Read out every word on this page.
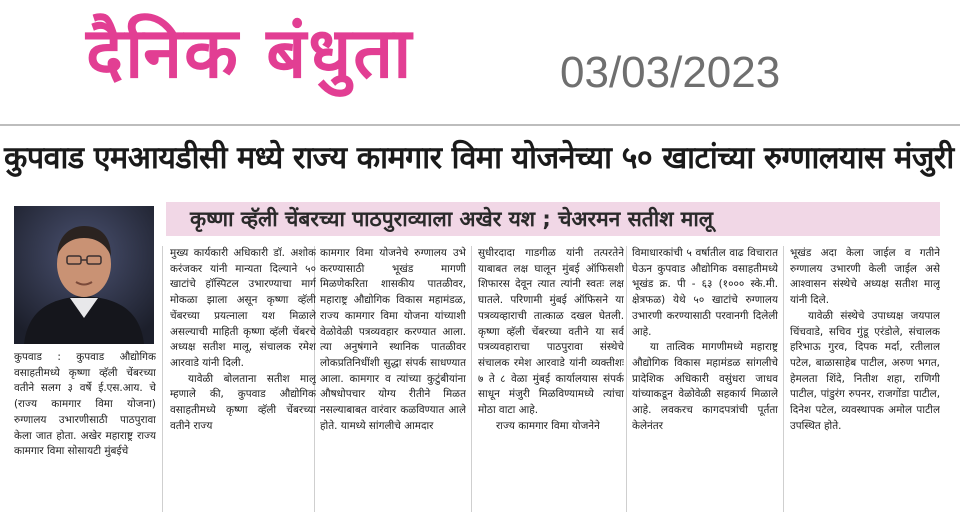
दैनिक बंधुता	03/03/2023
कुपवाड एमआयडीसी मध्ये राज्य कामगार विमा योजनेच्या ५० खाटांच्या रुग्णालयास मंजुरी
कृष्णा व्हॅली चेंबरच्या पाठपुराव्याला अखेर यश ; चेअरमन सतीश मालू

कुपवाड : कुपवाड औद्योगिक वसाहतीमध्ये कृष्णा व्हॅली चेंबरच्या वतीने सलग ३ वर्षे ई.एस.आय. चे (राज्य कामगार विमा योजना) रुग्णालय उभारणीसाठी पाठपुरावा केला जात होता. अखेर महाराष्ट्र राज्य कामगार विमा सोसायटी मुंबईचे

मुख्य कार्यकारी अधिकारी डॉ. अशोक करंजकर यांनी मान्यता दिल्याने ५० खाटांचे हॉस्पिटल उभारण्याचा मार्ग मोकळा झाला असून कृष्णा व्हॅली चेंबरच्या प्रयत्नाला यश मिळाले असल्याची माहिती कृष्णा व्हॅली चेंबरचे अध्यक्ष सतीश मालू, संचालक रमेश आरवाडे यांनी दिली.

यावेळी बोलताना सतीश मालू म्हणाले की, कुपवाड औद्योगिक वसाहतीमध्ये कृष्णा व्हॅली चेंबरच्या वतीने राज्य

कामगार विमा योजनेचे रुग्णालय उभे करण्यासाठी भूखंड मागणी मिळणेकरिता शासकीय पातळीवर, महाराष्ट्र औद्योगिक विकास महामंडळ, राज्य कामगार विमा योजना यांच्याशी वेळोवेळी पत्रव्यवहार करण्यात आला. त्या अनुषंगाने स्थानिक पातळीवर लोकप्रतिनिधींशी सुद्धा संपर्क साधण्यात आला. कामगार व त्यांच्या कुटुंबीयांना औषधोपचार योग्य रीतीने मिळत नसल्याबाबत वारंवार कळविण्यात आले होते. यामध्ये सांगलीचे आमदार

सुधीरदादा गाडगीळ यांनी तत्परतेने याबाबत लक्ष घालून मुंबई ऑफिसशी शिफारस देवून त्यात त्यांनी स्वतः लक्ष घातले. परिणामी मुंबई ऑफिसने या पत्रव्यव्हाराची तात्काळ दखल घेतली. कृष्णा व्हॅली चेंबरच्या वतीने या सर्व पत्रव्यवहाराचा पाठपुरावा संस्थेचे संचालक रमेश आरवाडे यांनी व्यक्तीशः ७ ते ८ वेळा मुंबई कार्यालयास संपर्क साधून मंजुरी मिळविण्यामध्ये त्यांचा मोठा वाटा आहे.

राज्य कामगार विमा योजनेने

विमाधारकांची ५ वर्षातील वाढ विचारात घेऊन कुपवाड औद्योगिक वसाहतीमध्ये भूखंड क्र. पी - ६३ (१००० स्के.मी. क्षेत्रफळ) येथे ५० खाटांचे रुग्णालय उभारणी करण्यासाठी परवानगी दिलेली आहे.

या तात्विक मागणीमध्ये महाराष्ट्र औद्योगिक विकास महामंडळ सांगलीचे प्रादेशिक अधिकारी वसुंधरा जाधव यांच्याकडून वेळोवेळी सहकार्य मिळाले आहे. लवकरच कागदपत्रांची पूर्तता केलेनंतर

भूखंड अदा केला जाईल व गतीने रुग्णालय उभारणी केली जाईल असे आश्वासन संस्थेचे अध्यक्ष सतीश मालू यांनी दिले.

यावेळी संस्थेचे उपाध्यक्ष जयपाल चिंचवाडे, सचिव गुंडू एरंडोले, संचालक हरिभाऊ गुरव, दिपक मर्दा, रतीलाल पटेल, बाळासाहेब पाटील, अरुण भगत, हेमलता शिंदे, नितीश शहा, राणिगी पाटील, पांडुरंग रुपनर, राजगोंडा पाटील, दिनेश पटेल, व्यवस्थापक अमोल पाटील उपस्थित होते.
